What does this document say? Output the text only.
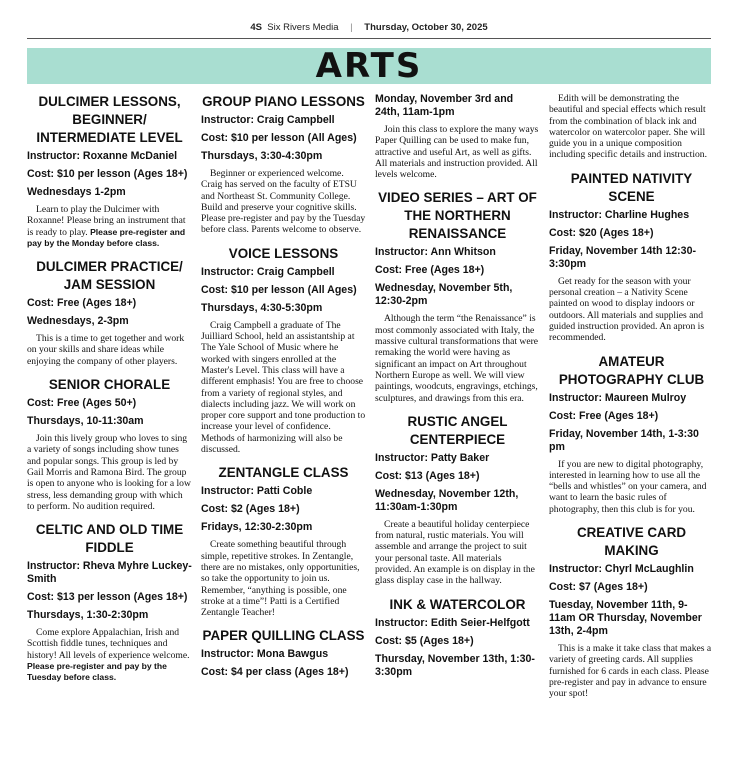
4S Six Rivers Media | Thursday, October 30, 2025
ARTS
DULCIMER LESSONS, BEGINNER/ INTERMEDIATE LEVEL
Instructor: Roxanne McDaniel
Cost: $10 per lesson (Ages 18+)
Wednesdays 1-2pm
Learn to play the Dulcimer with Roxanne! Please bring an instrument that is ready to play. Please pre-register and pay by the Monday before class.
DULCIMER PRACTICE/ JAM SESSION
Cost: Free (Ages 18+)
Wednesdays, 2-3pm
This is a time to get together and work on your skills and share ideas while enjoying the company of other players.
SENIOR CHORALE
Cost: Free (Ages 50+)
Thursdays, 10-11:30am
Join this lively group who loves to sing a variety of songs including show tunes and popular songs. This group is led by Gail Morris and Ramona Bird. The group is open to anyone who is looking for a low stress, less demanding group with which to perform. No audition required.
CELTIC AND OLD TIME FIDDLE
Instructor: Rheva Myhre Luckey-Smith
Cost: $13 per lesson (Ages 18+)
Thursdays, 1:30-2:30pm
Come explore Appalachian, Irish and Scottish fiddle tunes, techniques and history! All levels of experience welcome. Please pre-register and pay by the Tuesday before class.
GROUP PIANO LESSONS
Instructor: Craig Campbell
Cost: $10 per lesson (All Ages)
Thursdays, 3:30-4:30pm
Beginner or experienced welcome. Craig has served on the faculty of ETSU and Northeast St. Community College. Build and preserve your cognitive skills. Please pre-register and pay by the Tuesday before class. Parents welcome to observe.
VOICE LESSONS
Instructor: Craig Campbell
Cost: $10 per lesson (All Ages)
Thursdays, 4:30-5:30pm
Craig Campbell a graduate of The Juilliard School, held an assistantship at The Yale School of Music where he worked with singers enrolled at the Master's Level. This class will have a different emphasis! You are free to choose from a variety of regional styles, and dialects including jazz. We will work on proper core support and tone production to increase your level of confidence. Methods of harmonizing will also be discussed.
ZENTANGLE CLASS
Instructor: Patti Coble
Cost: $2 (Ages 18+)
Fridays, 12:30-2:30pm
Create something beautiful through simple, repetitive strokes. In Zentangle, there are no mistakes, only opportunities, so take the opportunity to join us. Remember, “anything is possible, one stroke at a time”! Patti is a Certified Zentangle Teacher!
PAPER QUILLING CLASS
Instructor: Mona Bawgus
Cost: $4 per class (Ages 18+)
Monday, November 3rd and 24th, 11am-1pm
Join this class to explore the many ways Paper Quilling can be used to make fun, attractive and useful Art, as well as gifts. All materials and instruction provided. All levels welcome.
VIDEO SERIES – ART OF THE NORTHERN RENAISSANCE
Instructor: Ann Whitson
Cost: Free (Ages 18+)
Wednesday, November 5th, 12:30-2pm
Although the term “the Renaissance” is most commonly associated with Italy, the massive cultural transformations that were remaking the world were having as significant an impact on Art throughout Northern Europe as well. We will view paintings, woodcuts, engravings, etchings, sculptures, and drawings from this era.
RUSTIC ANGEL CENTERPIECE
Instructor: Patty Baker
Cost: $13 (Ages 18+)
Wednesday, November 12th, 11:30am-1:30pm
Create a beautiful holiday centerpiece from natural, rustic materials. You will assemble and arrange the project to suit your personal taste. All materials provided. An example is on display in the glass display case in the hallway.
INK & WATERCOLOR
Instructor: Edith Seier-Helfgott
Cost: $5 (Ages 18+)
Thursday, November 13th, 1:30-3:30pm
Edith will be demonstrating the beautiful and special effects which result from the combination of black ink and watercolor on watercolor paper. She will guide you in a unique composition including specific details and instruction.
PAINTED NATIVITY SCENE
Instructor: Charline Hughes
Cost: $20 (Ages 18+)
Friday, November 14th 12:30-3:30pm
Get ready for the season with your personal creation – a Nativity Scene painted on wood to display indoors or outdoors. All materials and supplies and guided instruction provided. An apron is recommended.
AMATEUR PHOTOGRAPHY CLUB
Instructor: Maureen Mulroy
Cost: Free (Ages 18+)
Friday, November 14th, 1-3:30 pm
If you are new to digital photography, interested in learning how to use all the “bells and whistles” on your camera, and want to learn the basic rules of photography, then this club is for you.
CREATIVE CARD MAKING
Instructor: Chyrl McLaughlin
Cost: $7 (Ages 18+)
Tuesday, November 11th, 9-11am OR Thursday, November 13th, 2-4pm
This is a make it take class that makes a variety of greeting cards. All supplies furnished for 6 cards in each class. Please pre-register and pay in advance to ensure your spot!
